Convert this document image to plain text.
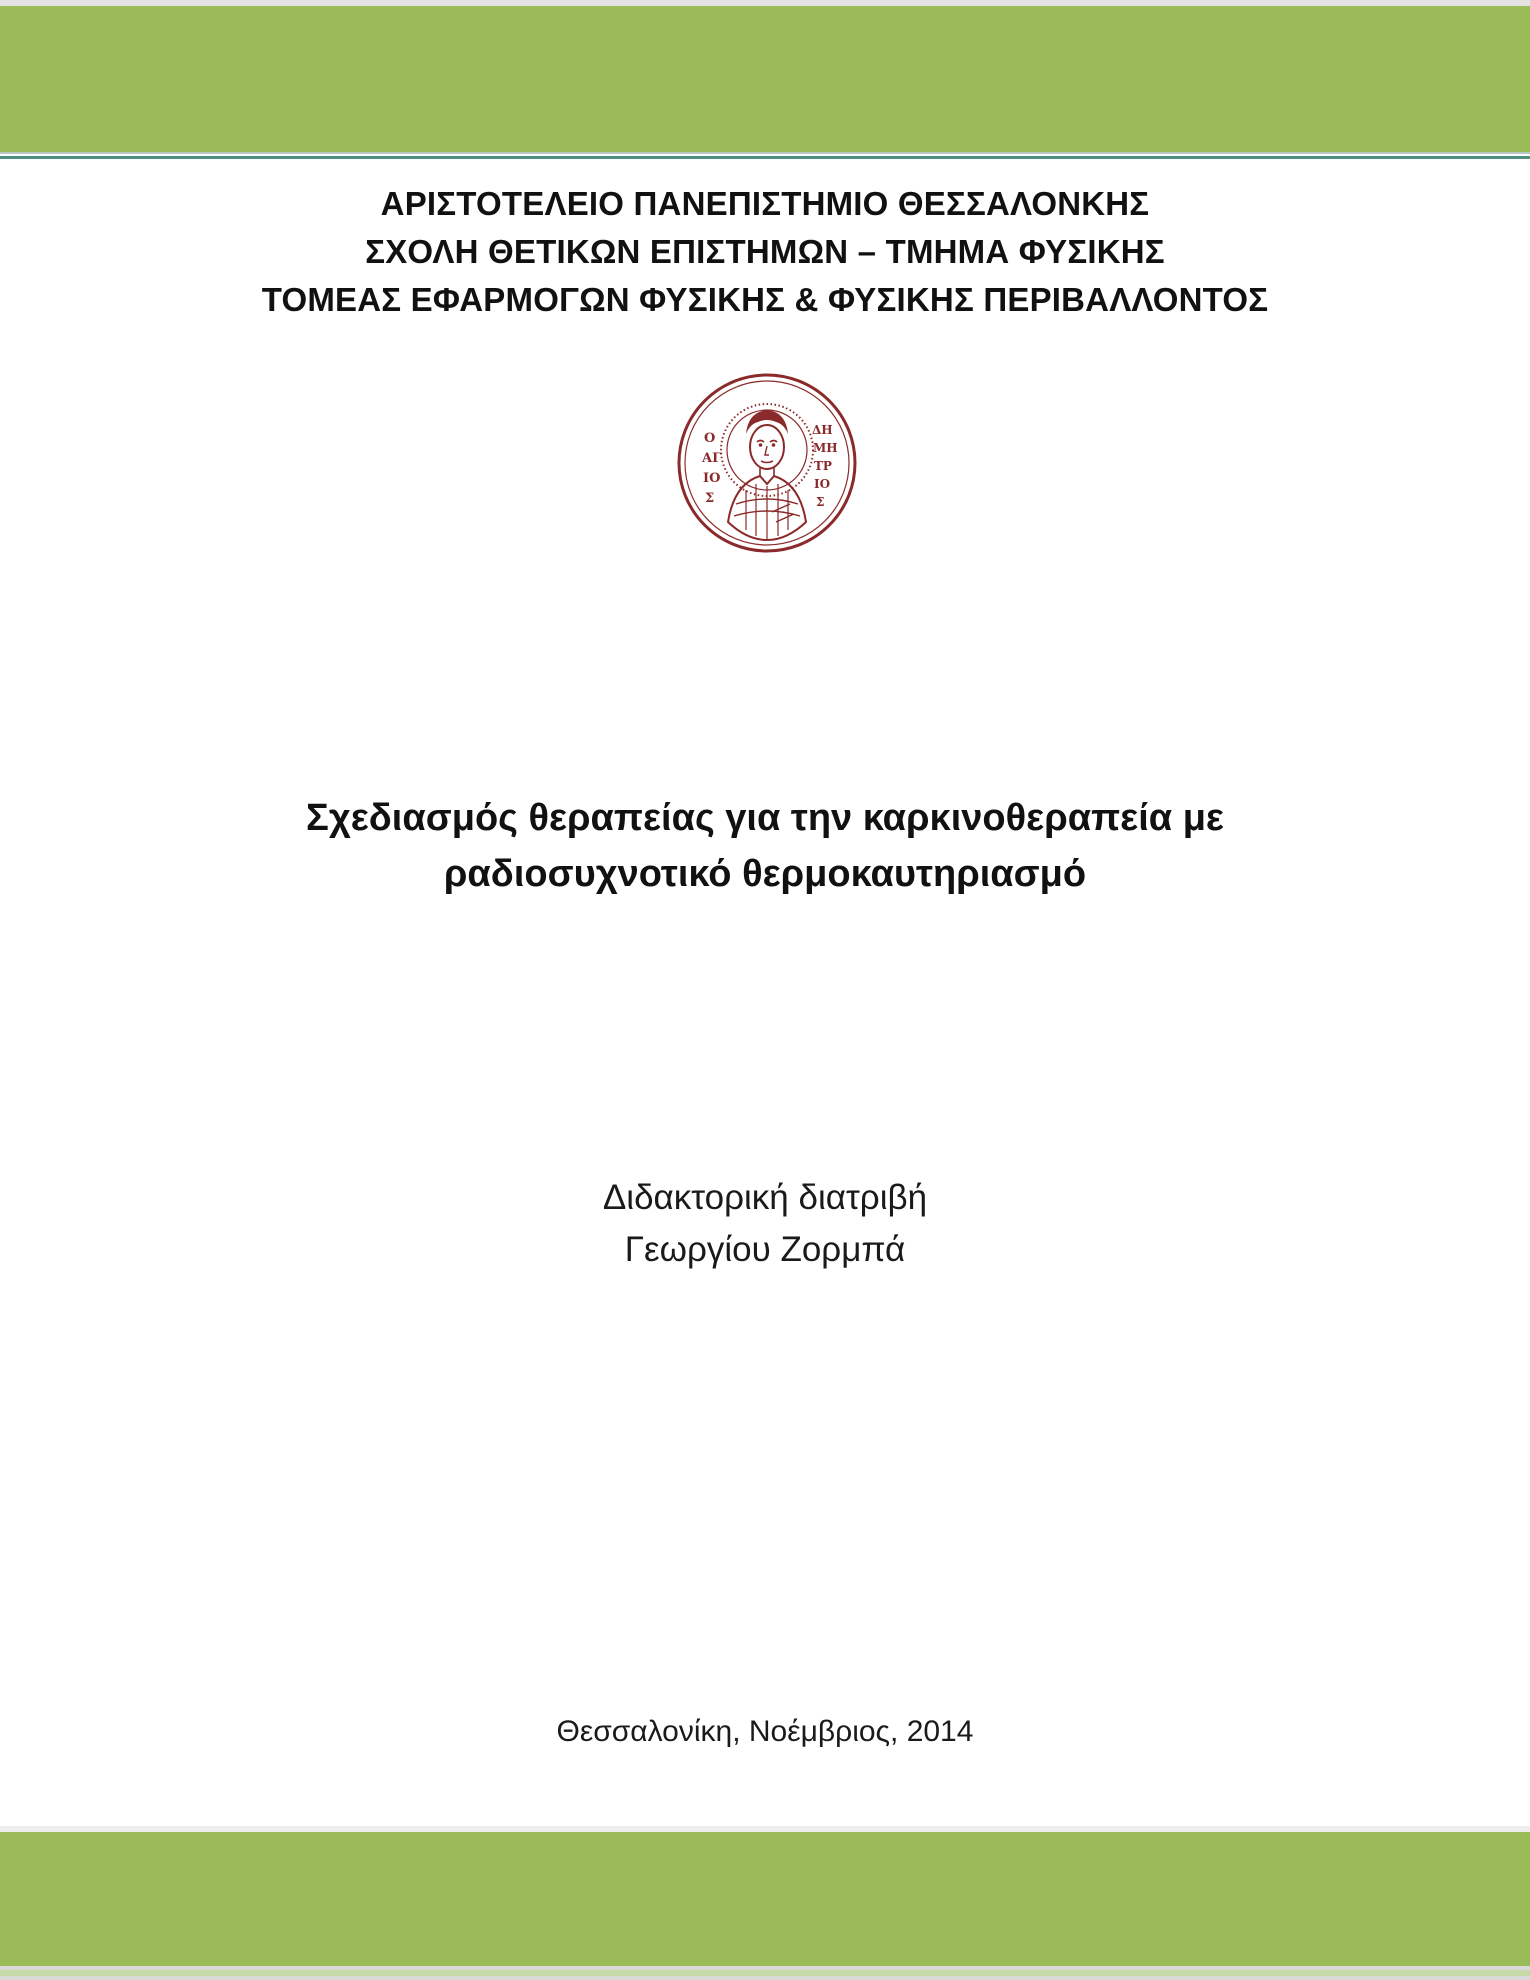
ΑΡΙΣΤΟΤΕΛΕΙΟ ΠΑΝΕΠΙΣΤΗΜΙΟ ΘΕΣΣΑΛΟΝΚΗΣ
ΣΧΟΛΗ ΘΕΤΙΚΩΝ ΕΠΙΣΤΗΜΩΝ – ΤΜΗΜΑ ΦΥΣΙΚΗΣ
ΤΟΜΕΑΣ ΕΦΑΡΜΟΓΩΝ ΦΥΣΙΚΗΣ & ΦΥΣΙΚΗΣ ΠΕΡΙΒΑΛΛΟΝΤΟΣ
Ο
ΑΓ
ΙΟ
Σ
ΔΗ
ΜΗ
ΤΡ
ΙΟ
Σ
Σχεδιασμός θεραπείας για την καρκινοθεραπεία με
ραδιοσυχνοτικό θερμοκαυτηριασμό
Διδακτορική διατριβή
Γεωργίου Ζορμπά
Θεσσαλονίκη, Νοέμβριος, 2014
